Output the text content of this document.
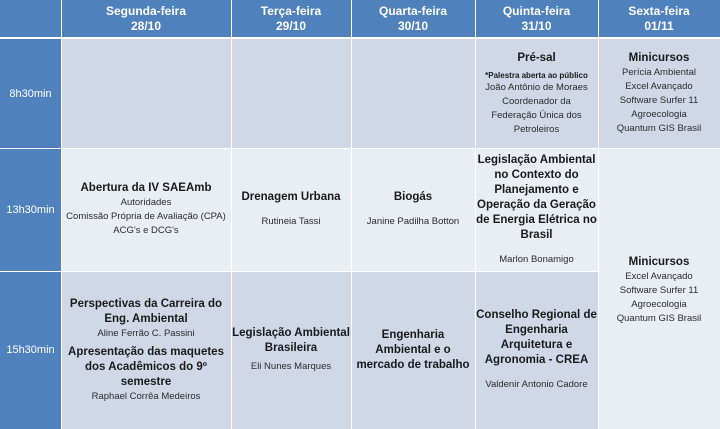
Segunda-feira
28/10
Terça-feira
29/10
Quarta-feira
30/10
Quinta-feira
31/10
Sexta-feira
01/11
8h30min
13h30min
15h30min
Pré-sal
*Palestra aberta ao público
João Antônio de Moraes
Coordenador da
Federação Única dos
Petroleiros
Minicursos
Perícia Ambiental
Excel Avançado
Software Surfer 11
Agroecologia
Quantum GIS Brasil
Abertura da IV SAEAmb
Autoridades
Comissão Própria de Avaliação (CPA)
ACG's e DCG's
Drenagem Urbana
Rutineia Tassi
Biogás
Janine Padilha Botton
Legislação Ambiental
no Contexto do
Planejamento e
Operação da Geração
de Energia Elétrica no
Brasil
Marlon Bonamigo
Perspectivas da Carreira do
Eng. Ambiental
Aline Ferrão C. Passini
Apresentação das maquetes
dos Acadêmicos do 9º
semestre
Raphael Corrêa Medeiros
Legislação Ambiental
Brasileira
Eli Nunes Marques
Engenharia
Ambiental e o
mercado de trabalho
Conselho Regional de
Engenharia
Arquitetura e
Agronomia - CREA
Valdenir Antonio Cadore
Minicursos
Excel Avançado
Software Surfer 11
Agroecologia
Quantum GIS Brasil
